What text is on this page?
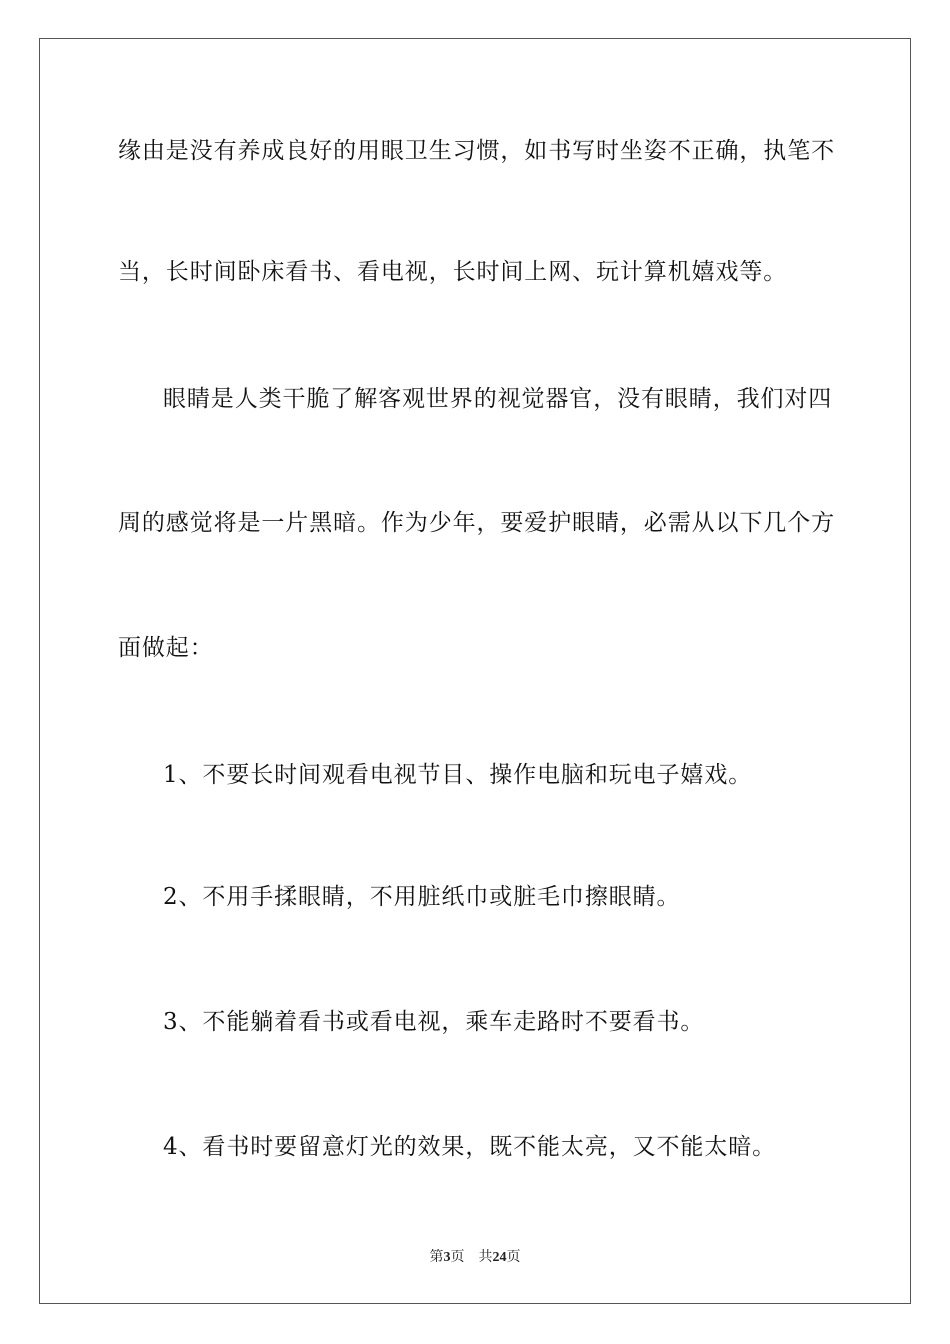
缘由是没有养成良好的用眼卫生习惯，如书写时坐姿不正确，执笔不
当，长时间卧床看书、看电视，长时间上网、玩计算机嬉戏等。
眼睛是人类干脆了解客观世界的视觉器官，没有眼睛，我们对四
周的感觉将是一片黑暗。作为少年，要爱护眼睛，必需从以下几个方
面做起：
1、不要长时间观看电视节目、操作电脑和玩电子嬉戏。
2、不用手揉眼睛，不用脏纸巾或脏毛巾擦眼睛。
3、不能躺着看书或看电视，乘车走路时不要看书。
4、看书时要留意灯光的效果，既不能太亮，又不能太暗。
第3页 共24页
